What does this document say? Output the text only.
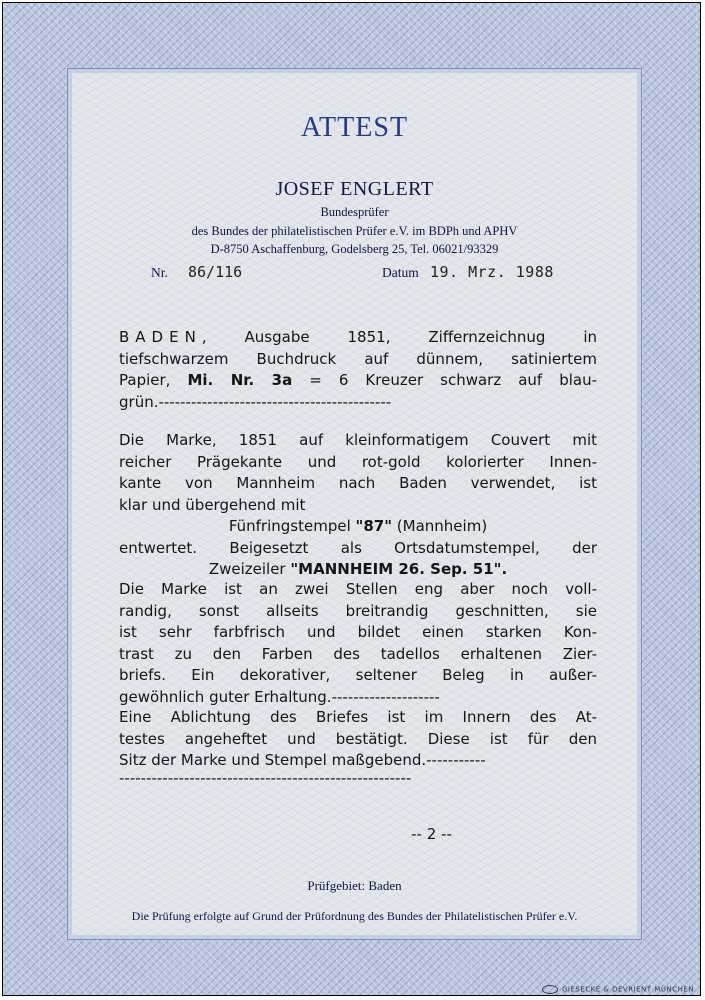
ATTEST
JOSEF ENGLERT
Bundesprüfer
des Bundes der philatelistischen Prüfer e.V. im BDPh und APHV
D-8750 Aschaffenburg, Godelsberg 25, Tel. 06021/93329
Nr. 86/116	Datum 19. Mrz. 1988
BADEN, Ausgabe 1851, Ziffernzeichnug in
tiefschwarzem Buchdruck auf dünnem, satiniertem
Papier, Mi. Nr. 3a = 6 Kreuzer schwarz auf blau-
grün.-------------------------------------------
Die Marke, 1851 auf kleinformatigem Couvert mit
reicher Prägekante und rot-gold kolorierter Innen-
kante von Mannheim nach Baden verwendet, ist
klar und übergehend mit
Fünfringstempel "87" (Mannheim)
entwertet. Beigesetzt als Ortsdatumstempel, der
Zweizeiler "MANNHEIM 26. Sep. 51".
Die Marke ist an zwei Stellen eng aber noch voll-
randig, sonst allseits breitrandig geschnitten, sie
ist sehr farbfrisch und bildet einen starken Kon-
trast zu den Farben des tadellos erhaltenen Zier-
briefs. Ein dekorativer, seltener Beleg in außer-
gewöhnlich guter Erhaltung.--------------------
Eine Ablichtung des Briefes ist im Innern des At-
testes angeheftet und bestätigt. Diese ist für den
Sitz der Marke und Stempel maßgebend.-----------
------------------------------------------------------
-- 2 --
Prüfgebiet: Baden
Die Prüfung erfolgte auf Grund der Prüfordnung des Bundes der Philatelistischen Prüfer e.V.
GIESECKE & DEVRIENT MÜNCHEN
